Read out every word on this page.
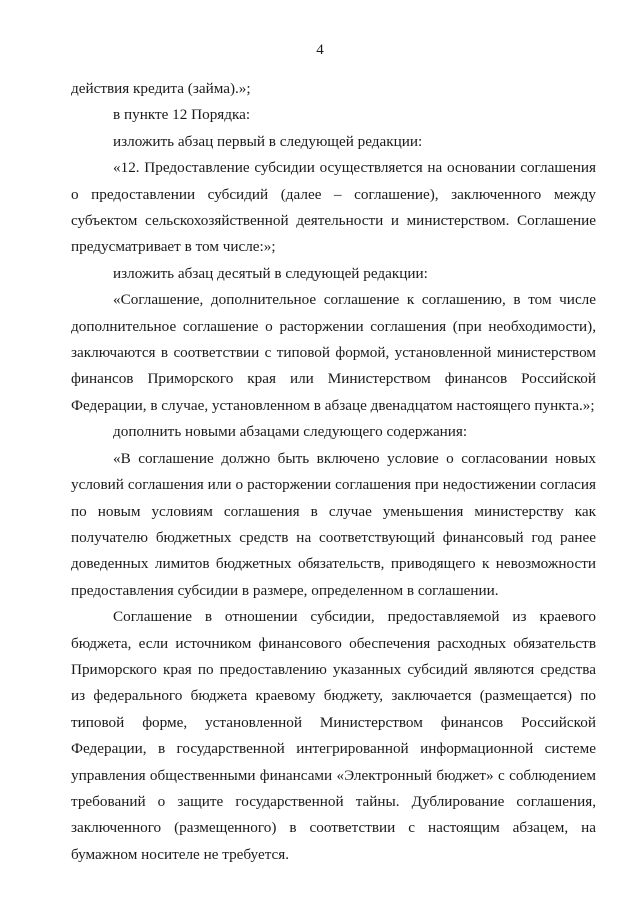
4

действия кредита (займа).»;

в пункте 12 Порядка:

изложить абзац первый в следующей редакции:

«12. Предоставление субсидии осуществляется на основании соглашения о предоставлении субсидий (далее – соглашение), заключенного между субъектом сельскохозяйственной деятельности и министерством. Соглашение предусматривает в том числе:»;

изложить абзац десятый в следующей редакции:

«Соглашение, дополнительное соглашение к соглашению, в том числе дополнительное соглашение о расторжении соглашения (при необходимости), заключаются в соответствии с типовой формой, установленной министерством финансов Приморского края или Министерством финансов Российской Федерации, в случае, установленном в абзаце двенадцатом настоящего пункта.»;

дополнить новыми абзацами следующего содержания:

«В соглашение должно быть включено условие о согласовании новых условий соглашения или о расторжении соглашения при недостижении согласия по новым условиям соглашения в случае уменьшения министерству как получателю бюджетных средств на соответствующий финансовый год ранее доведенных лимитов бюджетных обязательств, приводящего к невозможности предоставления субсидии в размере, определенном в соглашении.

Соглашение в отношении субсидии, предоставляемой из краевого бюджета, если источником финансового обеспечения расходных обязательств Приморского края по предоставлению указанных субсидий являются средства из федерального бюджета краевому бюджету, заключается (размещается) по типовой форме, установленной Министерством финансов Российской Федерации, в государственной интегрированной информационной системе управления общественными финансами «Электронный бюджет» с соблюдением требований о защите государственной тайны. Дублирование соглашения, заключенного (размещенного) в соответствии с настоящим абзацем, на бумажном носителе не требуется.
